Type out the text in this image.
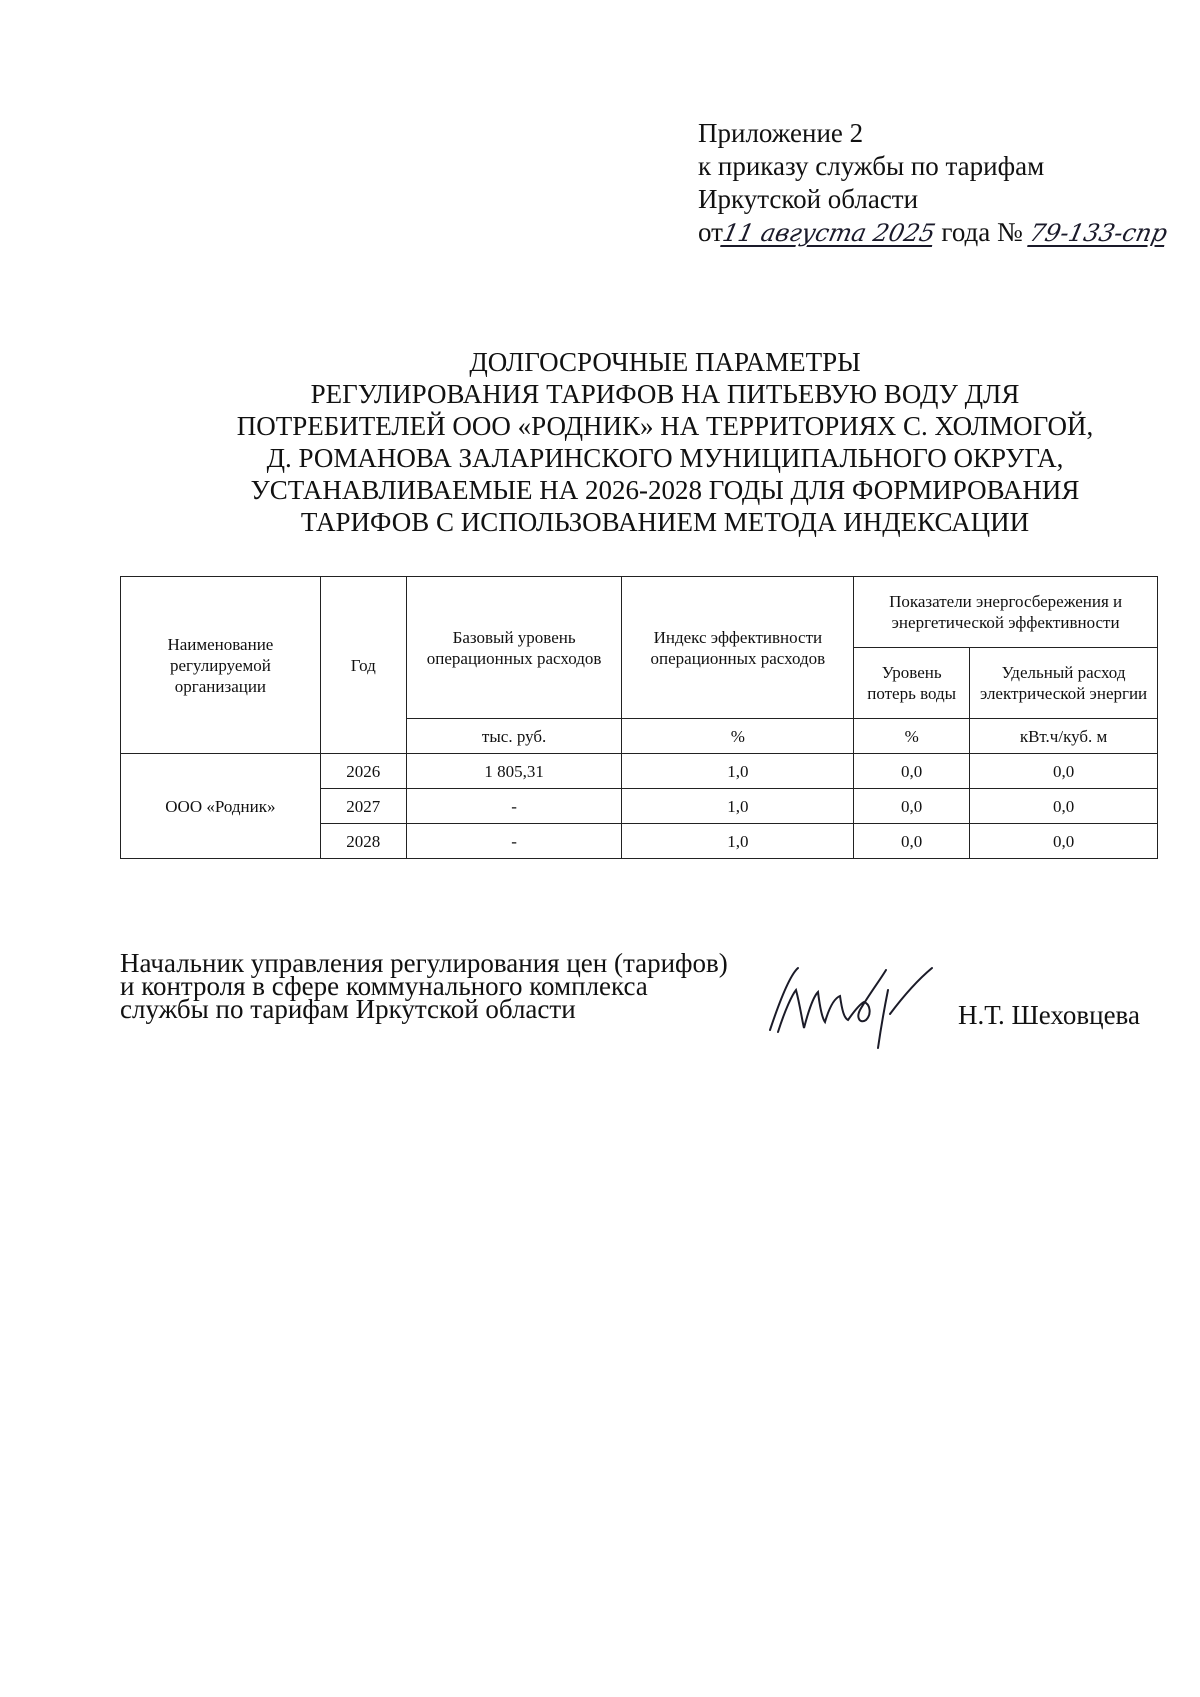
Приложение 2
к приказу службы по тарифам
Иркутской области
от11 августа 2025 года № 79-133-спр
ДОЛГОСРОЧНЫЕ ПАРАМЕТРЫ
РЕГУЛИРОВАНИЯ ТАРИФОВ НА ПИТЬЕВУЮ ВОДУ ДЛЯ
ПОТРЕБИТЕЛЕЙ ООО «РОДНИК» НА ТЕРРИТОРИЯХ С. ХОЛМОГОЙ,
Д. РОМАНОВА ЗАЛАРИНСКОГО МУНИЦИПАЛЬНОГО ОКРУГА,
УСТАНАВЛИВАЕМЫЕ НА 2026-2028 ГОДЫ ДЛЯ ФОРМИРОВАНИЯ
ТАРИФОВ С ИСПОЛЬЗОВАНИЕМ МЕТОДА ИНДЕКСАЦИИ
Наименование регулируемой организации	Год	Базовый уровень операционных расходов	Индекс эффективности операционных расходов	Показатели энергосбережения и энергетической эффективности	
				Уровень потерь воды	Удельный расход электрической энергии
		тыс. руб.	%	%	кВт.ч/куб. м
ООО «Родник»	2026	1 805,31	1,0	0,0	0,0
	2027	-	1,0	0,0	0,0
	2028	-	1,0	0,0	0,0
Начальник управления регулирования цен (тарифов)
и контроля в сфере коммунального комплекса
службы по тарифам Иркутской области	Н.Т. Шеховцева
